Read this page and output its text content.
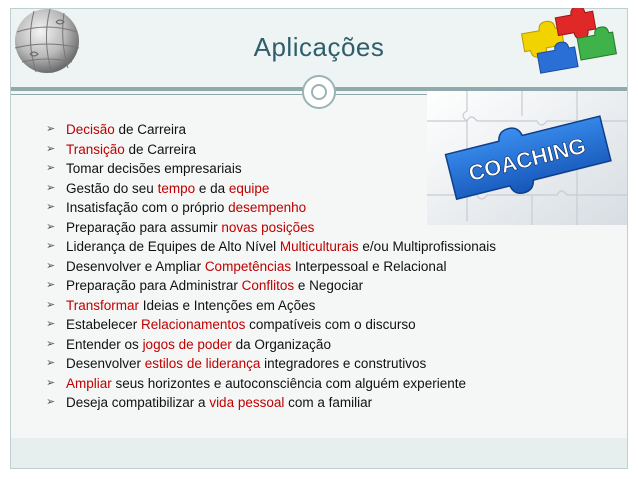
Aplicações
COACHING
➢ Decisão de Carreira
➢ Transição de Carreira
➢ Tomar decisões empresariais
➢ Gestão do seu tempo e da equipe
➢ Insatisfação com o próprio desempenho
➢ Preparação para assumir novas posições
➢ Liderança de Equipes de Alto Nível Multiculturais e/ou Multiprofissionais
➢ Desenvolver e Ampliar Competências Interpessoal e Relacional
➢ Preparação para Administrar Conflitos e Negociar
➢ Transformar Ideias e Intenções em Ações
➢ Estabelecer Relacionamentos compatíveis com o discurso
➢ Entender os jogos de poder da Organização
➢ Desenvolver estilos de liderança integradores e construtivos
➢ Ampliar seus horizontes e autoconsciência com alguém experiente
➢ Deseja compatibilizar a vida pessoal com a familiar
